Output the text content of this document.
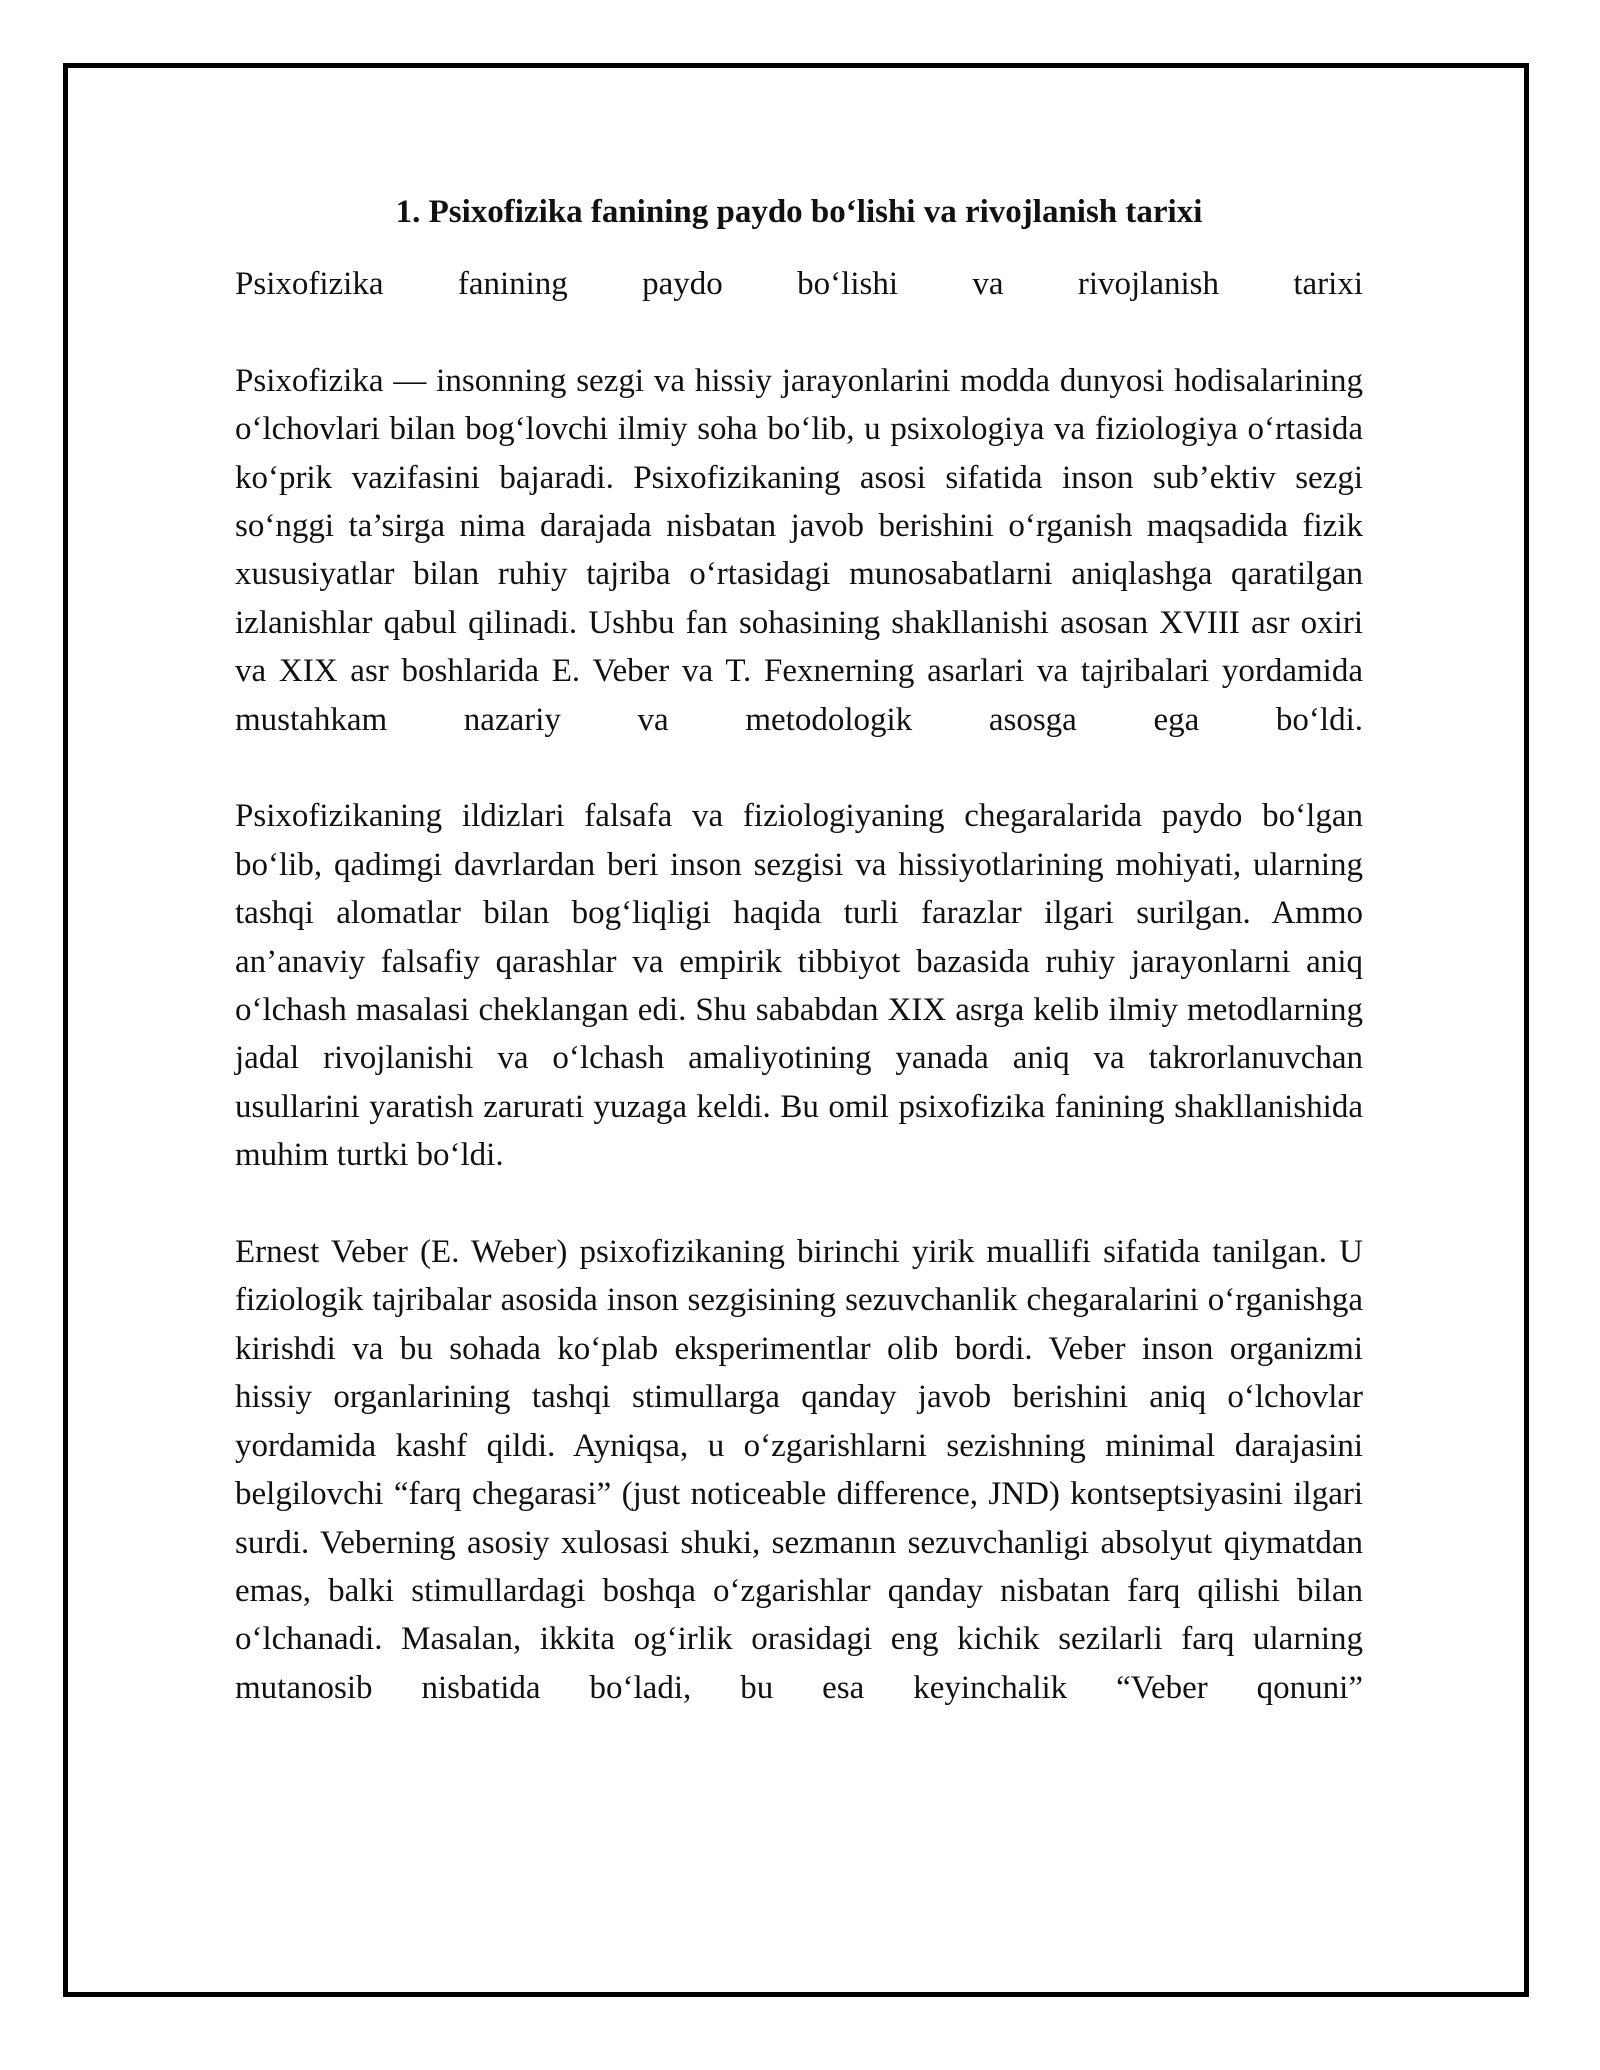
1. Psixofizika fanining paydo bo‘lishi va rivojlanish tarixi

Psixofizika fanining paydo bo‘lishi va rivojlanish tarixi

Psixofizika — insonning sezgi va hissiy jarayonlarini modda dunyosi hodisalarining o‘lchovlari bilan bog‘lovchi ilmiy soha bo‘lib, u psixologiya va fiziologiya o‘rtasida ko‘prik vazifasini bajaradi. Psixofizikaning asosi sifatida inson sub’ektiv sezgi so‘nggi ta’sirga nima darajada nisbatan javob berishini o‘rganish maqsadida fizik xususiyatlar bilan ruhiy tajriba o‘rtasidagi munosabatlarni aniqlashga qaratilgan izlanishlar qabul qilinadi. Ushbu fan sohasining shakllanishi asosan XVIII asr oxiri va XIX asr boshlarida E. Veber va T. Fexnerning asarlari va tajribalari yordamida mustahkam nazariy va metodologik asosga ega bo‘ldi.

Psixofizikaning ildizlari falsafa va fiziologiyaning chegaralarida paydo bo‘lgan bo‘lib, qadimgi davrlardan beri inson sezgisi va hissiyotlarining mohiyati, ularning tashqi alomatlar bilan bog‘liqligi haqida turli farazlar ilgari surilgan. Ammo an’anaviy falsafiy qarashlar va empirik tibbiyot bazasida ruhiy jarayonlarni aniq o‘lchash masalasi cheklangan edi. Shu sababdan XIX asrga kelib ilmiy metodlarning jadal rivojlanishi va o‘lchash amaliyotining yanada aniq va takrorlanuvchan usullarini yaratish zarurati yuzaga keldi. Bu omil psixofizika fanining shakllanishida muhim turtki bo‘ldi.

Ernest Veber (E. Weber) psixofizikaning birinchi yirik muallifi sifatida tanilgan. U fiziologik tajribalar asosida inson sezgisining sezuvchanlik chegaralarini o‘rganishga kirishdi va bu sohada ko‘plab eksperimentlar olib bordi. Veber inson organizmi hissiy organlarining tashqi stimullarga qanday javob berishini aniq o‘lchovlar yordamida kashf qildi. Ayniqsa, u o‘zgarishlarni sezishning minimal darajasini belgilovchi “farq chegarasi” (just noticeable difference, JND) kontseptsiyasini ilgari surdi. Veberning asosiy xulosasi shuki, sezmanın sezuvchanligi absolyut qiymatdan emas, balki stimullardagi boshqa o‘zgarishlar qanday nisbatan farq qilishi bilan o‘lchanadi. Masalan, ikkita og‘irlik orasidagi eng kichik sezilarli farq ularning mutanosib nisbatida bo‘ladi, bu esa keyinchalik “Veber qonuni”
